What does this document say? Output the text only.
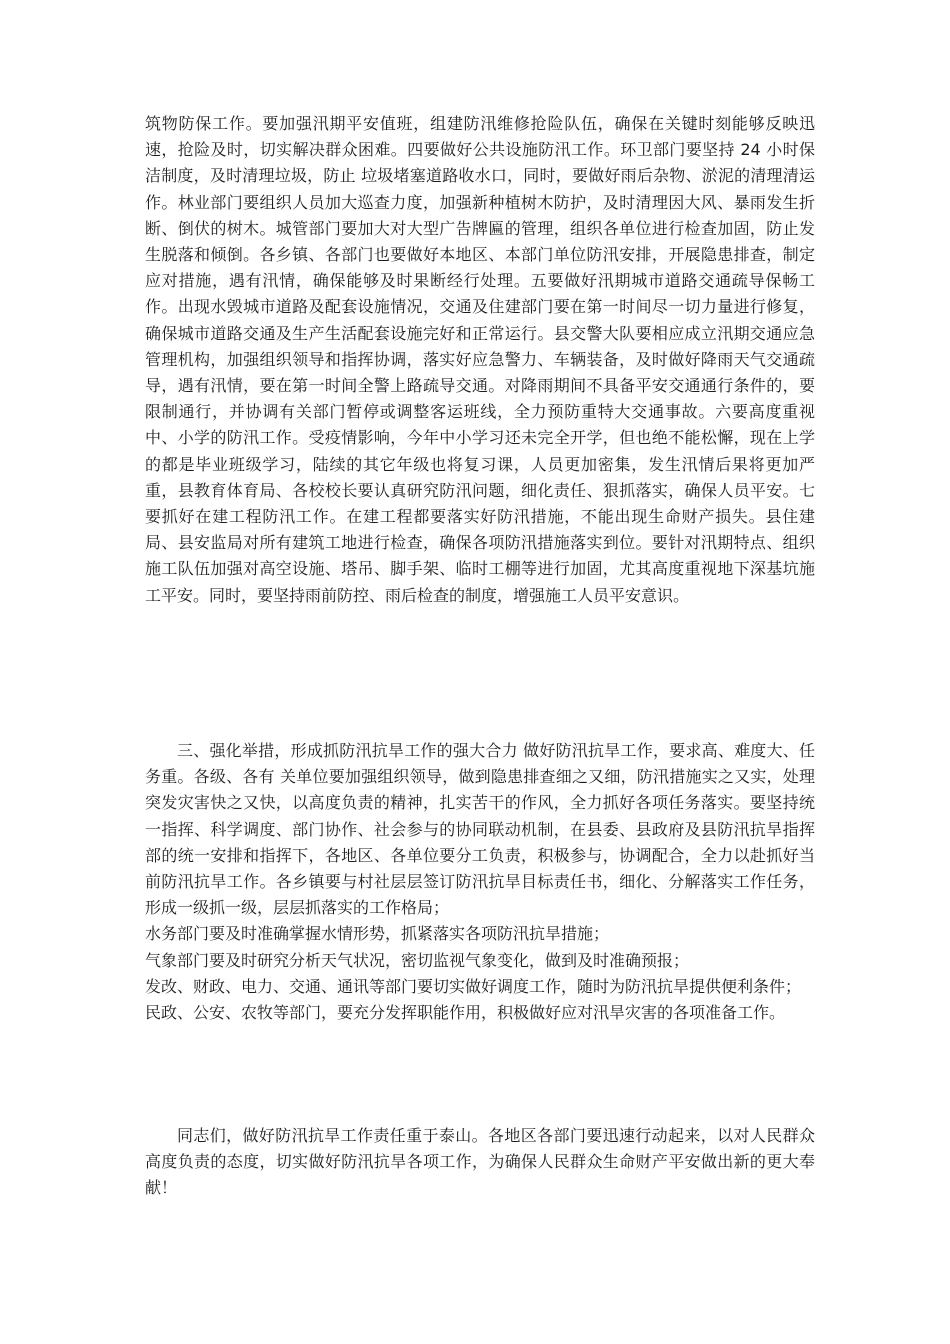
筑物防保工作。要加强汛期平安值班，组建防汛维修抢险队伍，确保在关键时刻能够反映迅速，抢险及时，切实解决群众困难。四要做好公共设施防汛工作。环卫部门要坚持 24 小时保洁制度，及时清理垃圾，防止 垃圾堵塞道路收水口，同时，要做好雨后杂物、淤泥的清理清运作。林业部门要组织人员加大巡查力度，加强新种植树木防护，及时清理因大风、暴雨发生折断、倒伏的树木。城管部门要加大对大型广告牌匾的管理，组织各单位进行检查加固，防止发生脱落和倾倒。各乡镇、各部门也要做好本地区、本部门单位防汛安排，开展隐患排查，制定应对措施，遇有汛情，确保能够及时果断经行处理。五要做好汛期城市道路交通疏导保畅工作。出现水毁城市道路及配套设施情况，交通及住建部门要在第一时间尽一切力量进行修复，确保城市道路交通及生产生活配套设施完好和正常运行。县交警大队要相应成立汛期交通应急管理机构，加强组织领导和指挥协调，落实好应急警力、车辆装备，及时做好降雨天气交通疏导，遇有汛情，要在第一时间全警上路疏导交通。对降雨期间不具备平安交通通行条件的，要限制通行，并协调有关部门暂停或调整客运班线，全力预防重特大交通事故。六要高度重视中、小学的防汛工作。受疫情影响，今年中小学习还未完全开学，但也绝不能松懈，现在上学的都是毕业班级学习，陆续的其它年级也将复习课，人员更加密集，发生汛情后果将更加严重，县教育体育局、各校校长要认真研究防汛问题，细化责任、狠抓落实，确保人员平安。七要抓好在建工程防汛工作。在建工程都要落实好防汛措施，不能出现生命财产损失。县住建局、县安监局对所有建筑工地进行检查，确保各项防汛措施落实到位。要针对汛期特点、组织施工队伍加强对高空设施、塔吊、脚手架、临时工棚等进行加固，尤其高度重视地下深基坑施工平安。同时，要坚持雨前防控、雨后检查的制度，增强施工人员平安意识。

三、强化举措，形成抓防汛抗旱工作的强大合力 做好防汛抗旱工作，要求高、难度大、任务重。各级、各有 关单位要加强组织领导，做到隐患排查细之又细，防汛措施实之又实，处理突发灾害快之又快，以高度负责的精神，扎实苦干的作风，全力抓好各项任务落实。要坚持统一指挥、科学调度、部门协作、社会参与的协同联动机制，在县委、县政府及县防汛抗旱指挥部的统一安排和指挥下，各地区、各单位要分工负责，积极参与，协调配合，全力以赴抓好当前防汛抗旱工作。各乡镇要与村社层层签订防汛抗旱目标责任书，细化、分解落实工作任务，形成一级抓一级，层层抓落实的工作格局；

水务部门要及时准确掌握水情形势，抓紧落实各项防汛抗旱措施；

气象部门要及时研究分析天气状况，密切监视气象变化，做到及时准确预报；

发改、财政、电力、交通、通讯等部门要切实做好调度工作，随时为防汛抗旱提供便利条件；

民政、公安、农牧等部门，要充分发挥职能作用，积极做好应对汛旱灾害的各项准备工作。

同志们，做好防汛抗旱工作责任重于泰山。各地区各部门要迅速行动起来，以对人民群众高度负责的态度，切实做好防汛抗旱各项工作，为确保人民群众生命财产平安做出新的更大奉献！
